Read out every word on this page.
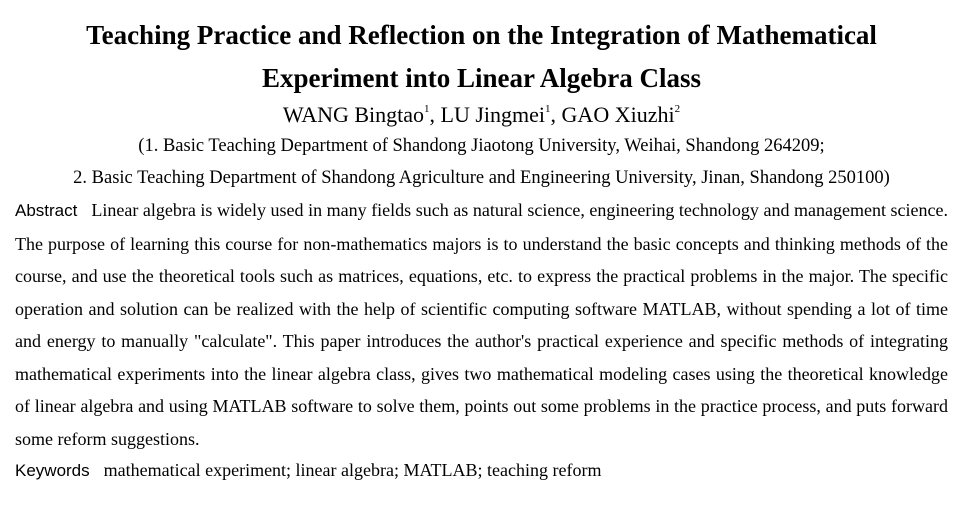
Teaching Practice and Reflection on the Integration of Mathematical
Experiment into Linear Algebra Class
WANG Bingtao$^1$, LU Jingmei$^1$, GAO Xiuzhi$^2$
(1. Basic Teaching Department of Shandong Jiaotong University, Weihai, Shandong 264209;
2. Basic Teaching Department of Shandong Agriculture and Engineering University, Jinan, Shandong 250100)
Abstract Linear algebra is widely used in many fields such as natural science, engineering technology and management science. The purpose of learning this course for non-mathematics majors is to understand the basic concepts and thinking methods of the course, and use the theoretical tools such as matrices, equations, etc. to express the practical problems in the major. The specific operation and solution can be realized with the help of scientific computing software MATLAB, without spending a lot of time and energy to manually "calculate". This paper introduces the author's practical experience and specific methods of integrating mathematical experiments into the linear algebra class, gives two mathematical modeling cases using the theoretical knowledge of linear algebra and using MATLAB software to solve them, points out some problems in the practice process, and puts forward some reform suggestions.
Keywords mathematical experiment; linear algebra; MATLAB; teaching reform
